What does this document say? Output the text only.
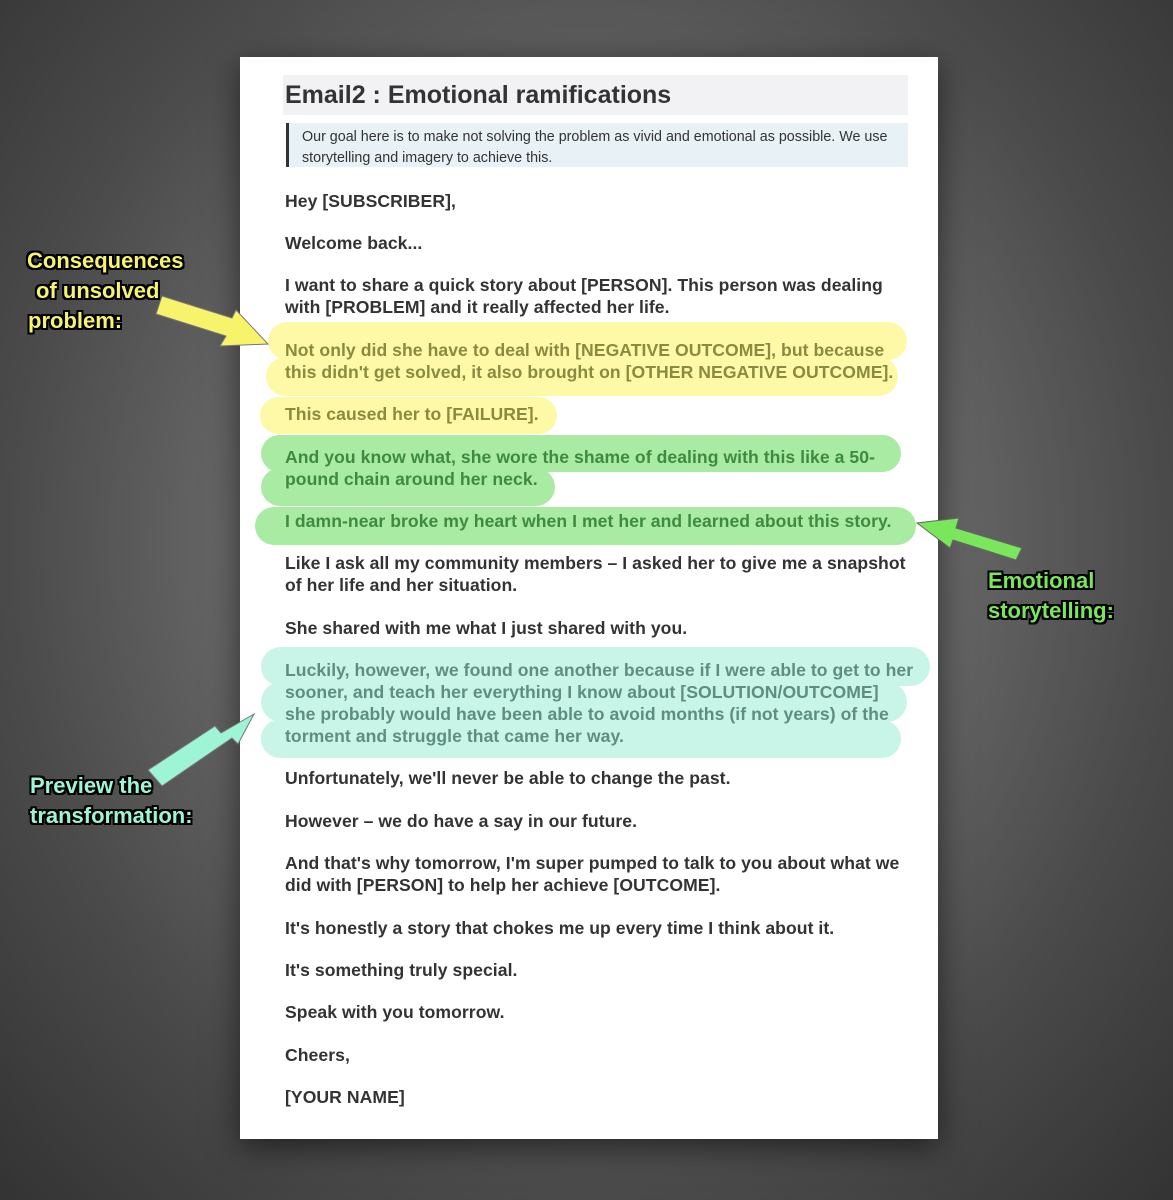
Email2 : Emotional ramifications
Our goal here is to make not solving the problem as vivid and emotional as possible. We use storytelling and imagery to achieve this.
Hey [SUBSCRIBER],
Welcome back...
I want to share a quick story about [PERSON]. This person was dealing
with [PROBLEM] and it really affected her life.
Not only did she have to deal with [NEGATIVE OUTCOME], but because
this didn't get solved, it also brought on [OTHER NEGATIVE OUTCOME].
This caused her to [FAILURE].
And you know what, she wore the shame of dealing with this like a 50-
pound chain around her neck.
I damn-near broke my heart when I met her and learned about this story.
Like I ask all my community members – I asked her to give me a snapshot
of her life and her situation.
She shared with me what I just shared with you.
Luckily, however, we found one another because if I were able to get to her
sooner, and teach her everything I know about [SOLUTION/OUTCOME]
she probably would have been able to avoid months (if not years) of the
torment and struggle that came her way.
Unfortunately, we'll never be able to change the past.
However – we do have a say in our future.
And that's why tomorrow, I'm super pumped to talk to you about what we
did with [PERSON] to help her achieve [OUTCOME].
It's honestly a story that chokes me up every time I think about it.
It's something truly special.
Speak with you tomorrow.
Cheers,
[YOUR NAME]
Consequences
of unsolved
problem:
Emotional
storytelling:
Preview the
transformation:
